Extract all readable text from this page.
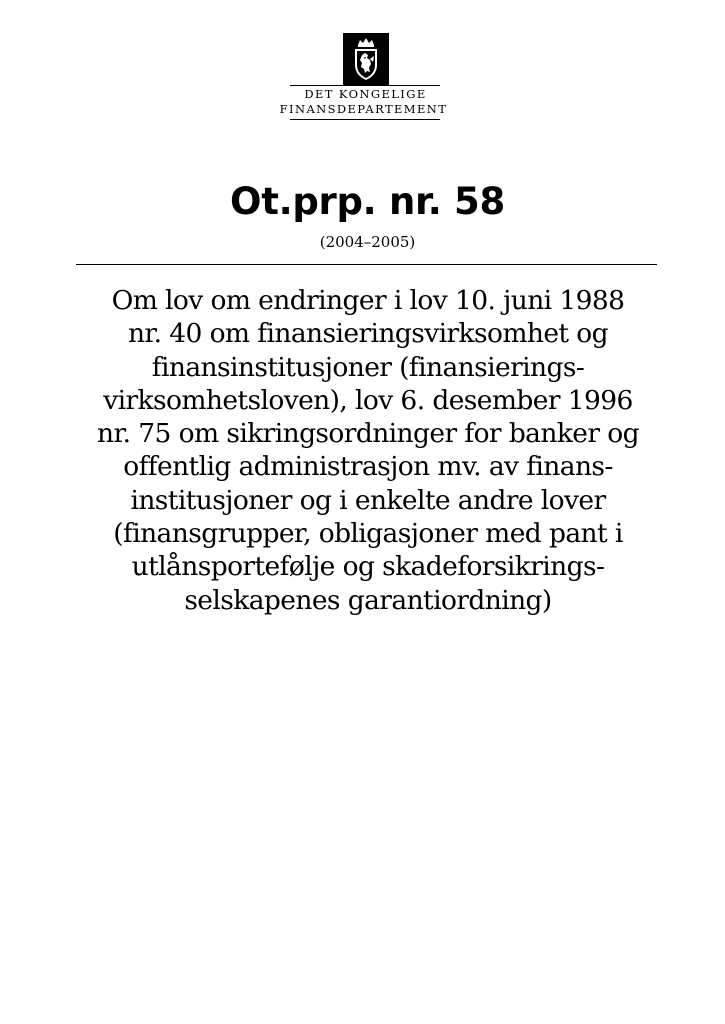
DET KONGELIGE
FINANSDEPARTEMENT
Ot.prp. nr. 58
(2004–2005)
Om lov om endringer i lov 10. juni 1988
nr. 40 om finansieringsvirksomhet og
finansinstitusjoner (finansierings-
virksomhetsloven), lov 6. desember 1996
nr. 75 om sikringsordninger for banker og
offentlig administrasjon mv. av finans-
institusjoner og i enkelte andre lover
(finansgrupper, obligasjoner med pant i
utlånsportefølje og skadeforsikrings-
selskapenes garantiordning)
